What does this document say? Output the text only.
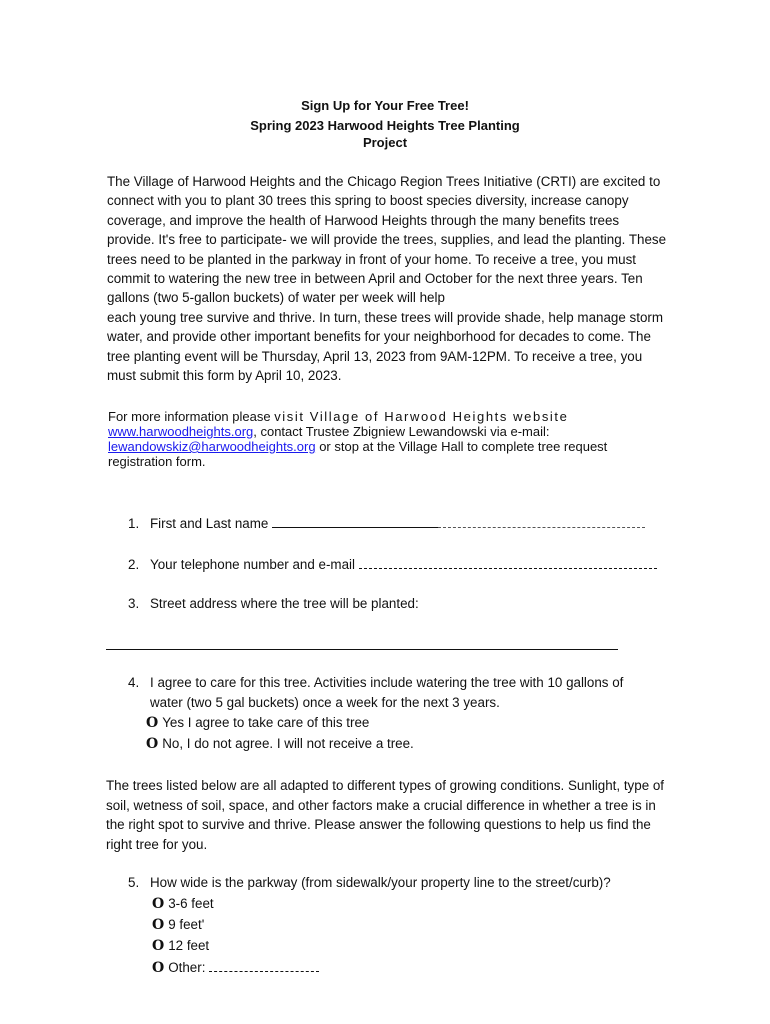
Sign Up for Your Free Tree!
Spring 2023 Harwood Heights Tree Planting
Project

The Village of Harwood Heights and the Chicago Region Trees Initiative (CRTI) are excited to connect with you to plant 30 trees this spring to boost species diversity, increase canopy coverage, and improve the health of Harwood Heights through the many benefits trees provide. It's free to participate- we will provide the trees, supplies, and lead the planting. These trees need to be planted in the parkway in front of your home. To receive a tree, you must commit to watering the new tree in between April and October for the next three years. Ten gallons (two 5-gallon buckets) of water per week will help

each young tree survive and thrive. In turn, these trees will provide shade, help manage storm water, and provide other important benefits for your neighborhood for decades to come. The tree planting event will be Thursday, April 13, 2023 from 9AM-12PM. To receive a tree, you must submit this form by April 10, 2023.

For more information please visit Village of Harwood Heights website
www.harwoodheights.org, contact Trustee Zbigniew Lewandowski via e-mail:
lewandowskiz@harwoodheights.org or stop at the Village Hall to complete tree request registration form.
1. First and Last name
2. Your telephone number and e-mail
3. Street address where the tree will be planted:
4. I agree to care for this tree. Activities include watering the tree with 10 gallons of
water (two 5 gal buckets) once a week for the next 3 years.
O Yes I agree to take care of this tree
O No, I do not agree. I will not receive a tree.
The trees listed below are all adapted to different types of growing conditions. Sunlight, type of soil, wetness of soil, space, and other factors make a crucial difference in whether a tree is in the right spot to survive and thrive. Please answer the following questions to help us find the right tree for you.
5. How wide is the parkway (from sidewalk/your property line to the street/curb)?
O 3-6 feet
O 9 feet'
O 12 feet
O Other:
